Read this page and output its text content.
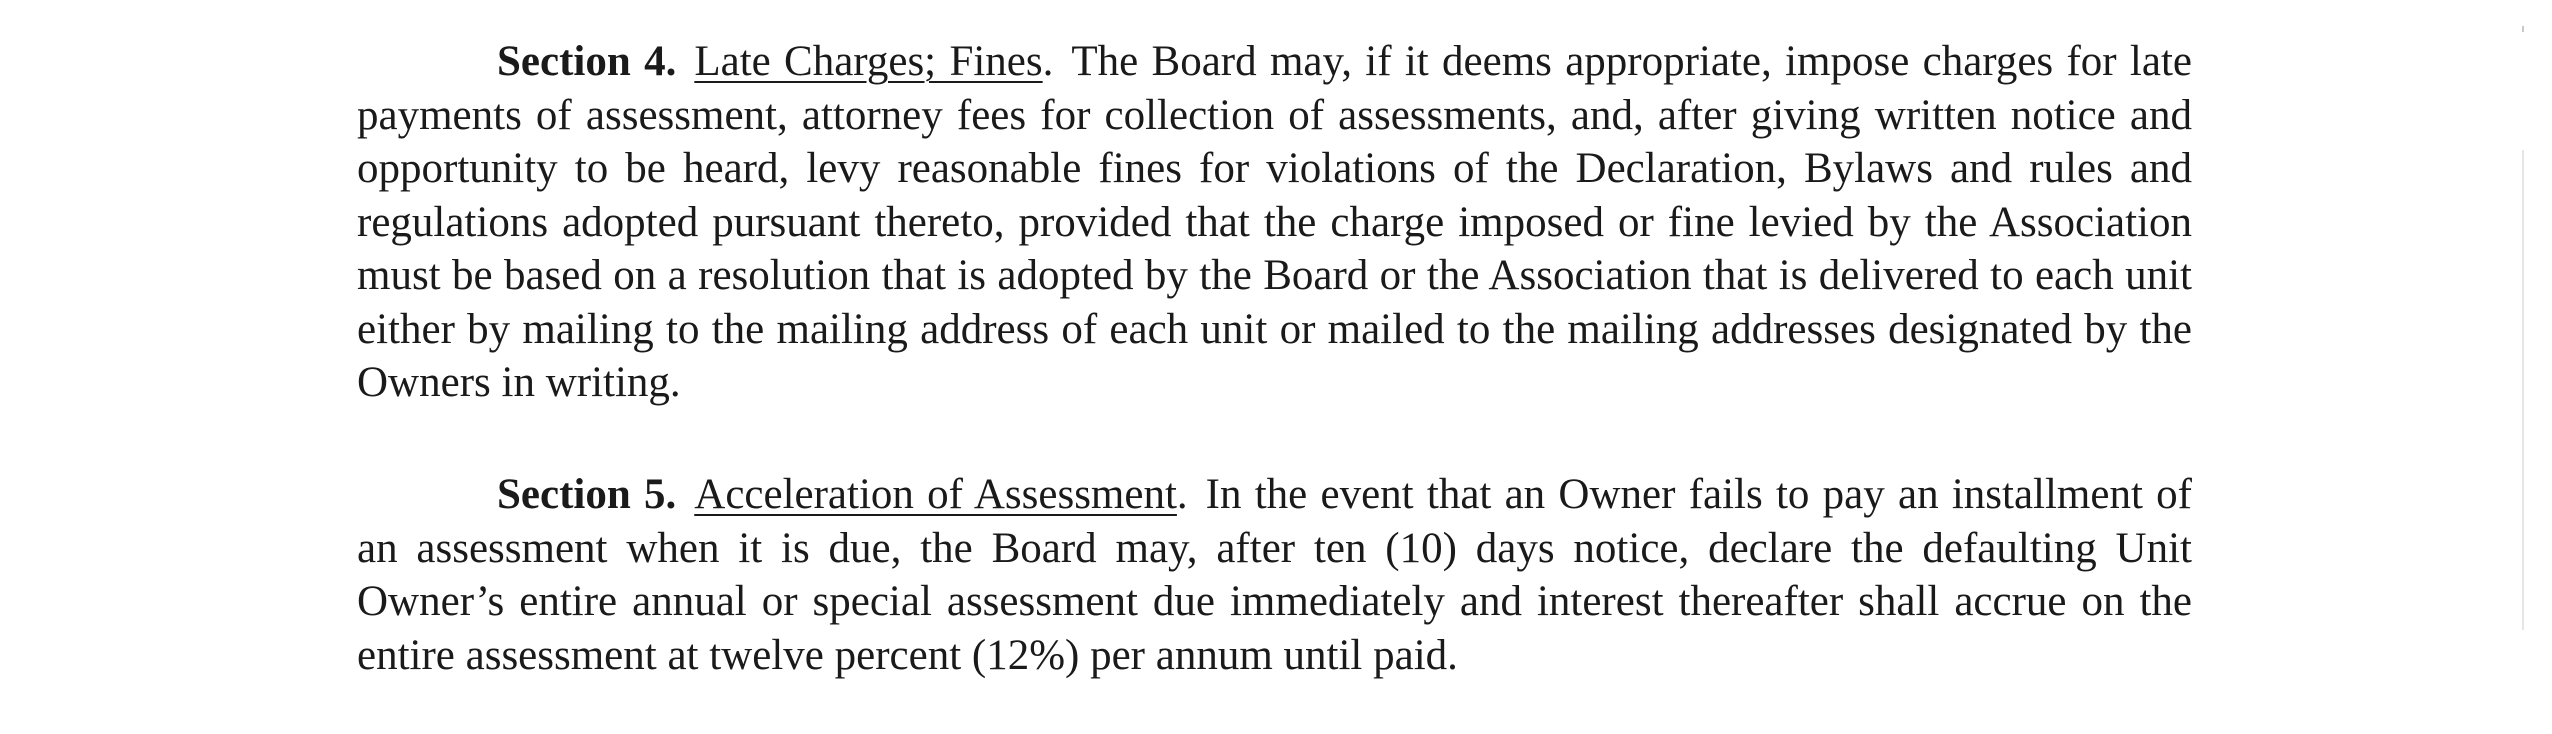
Section 4. Late Charges; Fines. The Board may, if it deems appropriate, impose charges for late payments of assessment, attorney fees for collection of assessments, and, after giving written notice and opportunity to be heard, levy reasonable fines for violations of the Declaration, Bylaws and rules and regulations adopted pursuant thereto, provided that the charge imposed or fine levied by the Association must be based on a resolution that is adopted by the Board or the Association that is delivered to each unit either by mailing to the mailing address of each unit or mailed to the mailing addresses designated by the Owners in writing.

Section 5. Acceleration of Assessment. In the event that an Owner fails to pay an installment of an assessment when it is due, the Board may, after ten (10) days notice, declare the defaulting Unit Owner’s entire annual or special assessment due immediately and interest thereafter shall accrue on the entire assessment at twelve percent (12%) per annum until paid.
